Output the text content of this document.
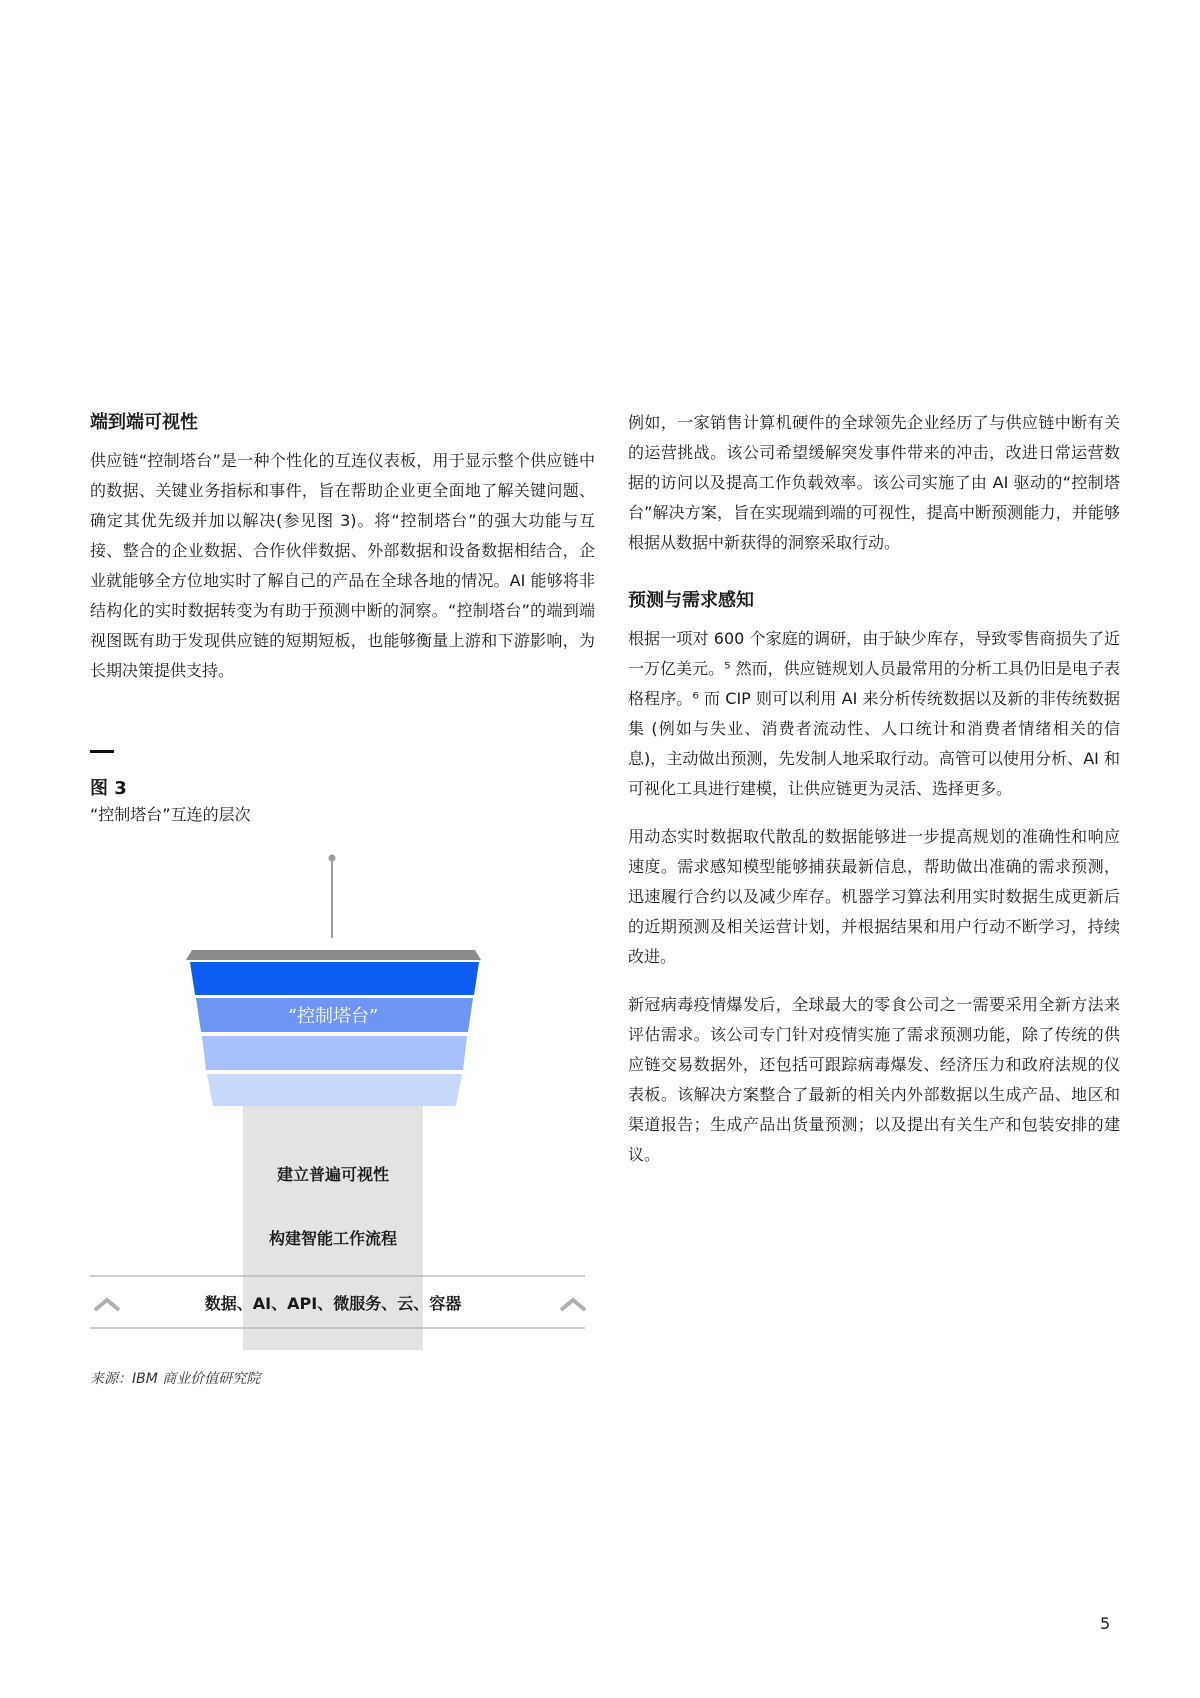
端到端可视性

供应链“控制塔台”是一种个性化的互连仪表板，用于显示整个供应链中的数据、关键业务指标和事件，旨在帮助企业更全面地了解关键问题、确定其优先级并加以解决(参见图 3)。将“控制塔台”的强大功能与互接、整合的企业数据、合作伙伴数据、外部数据和设备数据相结合，企业就能够全方位地实时了解自己的产品在全球各地的情况。AI 能够将非结构化的实时数据转变为有助于预测中断的洞察。“控制塔台”的端到端视图既有助于发现供应链的短期短板，也能够衡量上游和下游影响，为长期决策提供支持。

图 3
“控制塔台”互连的层次
“控制塔台”
建立普遍可视性
构建智能工作流程
数据、AI、API、微服务、云、容器
来源：IBM 商业价值研究院

例如，一家销售计算机硬件的全球领先企业经历了与供应链中断有关的运营挑战。该公司希望缓解突发事件带来的冲击，改进日常运营数据的访问以及提高工作负载效率。该公司实施了由 AI 驱动的“控制塔台”解决方案，旨在实现端到端的可视性，提高中断预测能力，并能够根据从数据中新获得的洞察采取行动。

预测与需求感知

根据一项对 600 个家庭的调研，由于缺少库存，导致零售商损失了近一万亿美元。⁵ 然而，供应链规划人员最常用的分析工具仍旧是电子表格程序。⁶ 而 CIP 则可以利用 AI 来分析传统数据以及新的非传统数据集 (例如与失业、消费者流动性、人口统计和消费者情绪相关的信息)，主动做出预测，先发制人地采取行动。高管可以使用分析、AI 和可视化工具进行建模，让供应链更为灵活、选择更多。

用动态实时数据取代散乱的数据能够进一步提高规划的准确性和响应速度。需求感知模型能够捕获最新信息，帮助做出准确的需求预测，迅速履行合约以及减少库存。机器学习算法利用实时数据生成更新后的近期预测及相关运营计划，并根据结果和用户行动不断学习，持续改进。

新冠病毒疫情爆发后，全球最大的零食公司之一需要采用全新方法来评估需求。该公司专门针对疫情实施了需求预测功能，除了传统的供应链交易数据外，还包括可跟踪病毒爆发、经济压力和政府法规的仪表板。该解决方案整合了最新的相关内外部数据以生成产品、地区和渠道报告；生成产品出货量预测；以及提出有关生产和包装安排的建议。

5
